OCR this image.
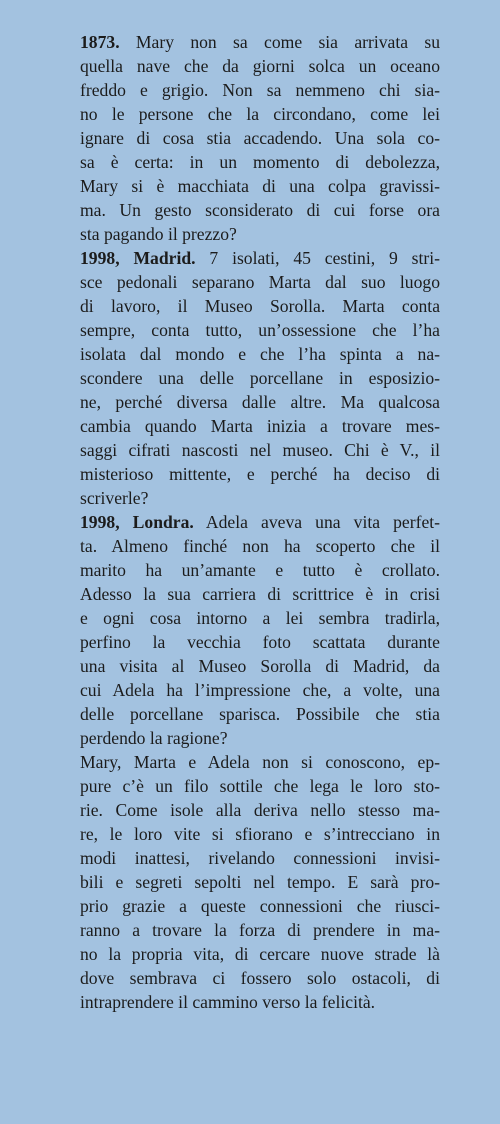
1873. Mary non sa come sia arrivata su
quella nave che da giorni solca un oceano
freddo e grigio. Non sa nemmeno chi sia-
no le persone che la circondano, come lei
ignare di cosa stia accadendo. Una sola co-
sa è certa: in un momento di debolezza,
Mary si è macchiata di una colpa gravissi-
ma. Un gesto sconsiderato di cui forse ora
sta pagando il prezzo?
1998, Madrid. 7 isolati, 45 cestini, 9 stri-
sce pedonali separano Marta dal suo luogo
di lavoro, il Museo Sorolla. Marta conta
sempre, conta tutto, un’ossessione che l’ha
isolata dal mondo e che l’ha spinta a na-
scondere una delle porcellane in esposizio-
ne, perché diversa dalle altre. Ma qualcosa
cambia quando Marta inizia a trovare mes-
saggi cifrati nascosti nel museo. Chi è V., il
misterioso mittente, e perché ha deciso di
scriverle?
1998, Londra. Adela aveva una vita perfet-
ta. Almeno finché non ha scoperto che il
marito ha un’amante e tutto è crollato.
Adesso la sua carriera di scrittrice è in crisi
e ogni cosa intorno a lei sembra tradirla,
perfino la vecchia foto scattata durante
una visita al Museo Sorolla di Madrid, da
cui Adela ha l’impressione che, a volte, una
delle porcellane sparisca. Possibile che stia
perdendo la ragione?
Mary, Marta e Adela non si conoscono, ep-
pure c’è un filo sottile che lega le loro sto-
rie. Come isole alla deriva nello stesso ma-
re, le loro vite si sfiorano e s’intrecciano in
modi inattesi, rivelando connessioni invisi-
bili e segreti sepolti nel tempo. E sarà pro-
prio grazie a queste connessioni che riusci-
ranno a trovare la forza di prendere in ma-
no la propria vita, di cercare nuove strade là
dove sembrava ci fossero solo ostacoli, di
intraprendere il cammino verso la felicità.
